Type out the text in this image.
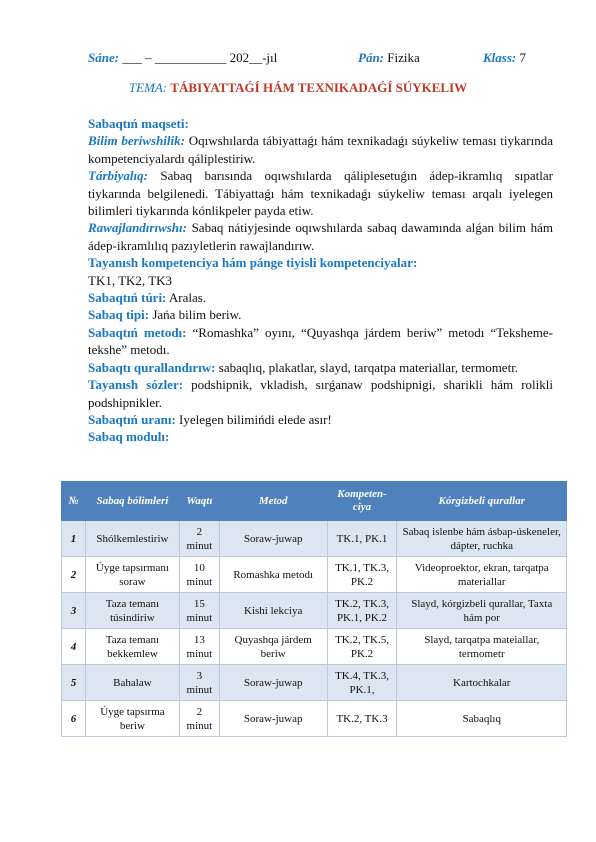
Sáne: ___ – ___________ 202__-jıl	Pán: Fizika	Klass: 7
TEMA: TÁBIYATTAǴÍ HÁM TEXNIKADAǴÍ SÚYKELIW

Sabaqtıń maqseti:

Bilim beriwshilik: Oqıwshılarda tábiyattaǵı hám texnikadaǵı súykeliw teması tiykarında kompetenciyalardı qáliplestiriw.

Tárbiyalıq: Sabaq barısında oqıwshılarda qáliplesetuǵın ádep-ikramlıq sıpatlar tiykarında belgilenedi. Tábiyattaǵı hám texnikadaǵı súykeliw teması arqalı iyelegen bilimleri tiykarında kónlikpeler payda etiw.

Rawajlandırıwshı: Sabaq nátiyjesinde oqıwshılarda sabaq dawamında alǵan bilim hám ádep-ikramlılıq pazıyletlerin rawajlandırıw.

Tayanısh kompetenciya hám pánge tiyisli kompetenciyalar:

TK1, TK2, TK3

Sabaqtıń túri: Aralas.

Sabaq tipi: Jańa bilim beriw.

Sabaqtıń metodı: “Romashka” oyını, “Quyashqa járdem beriw” metodı “Teksheme-tekshe” metodı.

Sabaqtı qurallandırıw: sabaqlıq, plakatlar, slayd, tarqatpa materiallar, termometr.

Tayanısh sózler: podshipnik, vkladish, sırǵanaw podshipnigi, sharikli hám rolikli podshipnikler.

Sabaqtıń uranı: Iyelegen bilimińdi elede asır!

Sabaq modulı:

№	Sabaq bólimleri	Waqtı	Metod	Kompeten-
ciya	Kórgizbeli qurallar
1	Shólkemlestiriw	2
minut	Soraw-juwap	TK.1, PK.1	Sabaq islenbe hám ásbap-úskeneler, dápter, ruchka
2	Úyge tapsırmanı soraw	10
minut	Romashka metodı	TK.1, TK.3, PK.2	Videoproektor, ekran, tarqatpa materiallar
3	Taza temanı túsindiriw	15
minut	Kishi lekciya	TK.2, TK.3, PK.1, PK.2	Slayd, kórgizbeli qurallar, Taxta hám por
4	Taza temanı bekkemlew	13
minut	Quyashqa járdem beriw	TK.2, TK.5, PK.2	Slayd, tarqatpa mateiallar, termometr
5	Bahalaw	3
minut	Soraw-juwap	TK.4, TK.3, PK.1,	Kartochkalar
6	Úyge tapsırma beriw	2
minut	Soraw-juwap	TK.2, TK.3	Sabaqlıq
